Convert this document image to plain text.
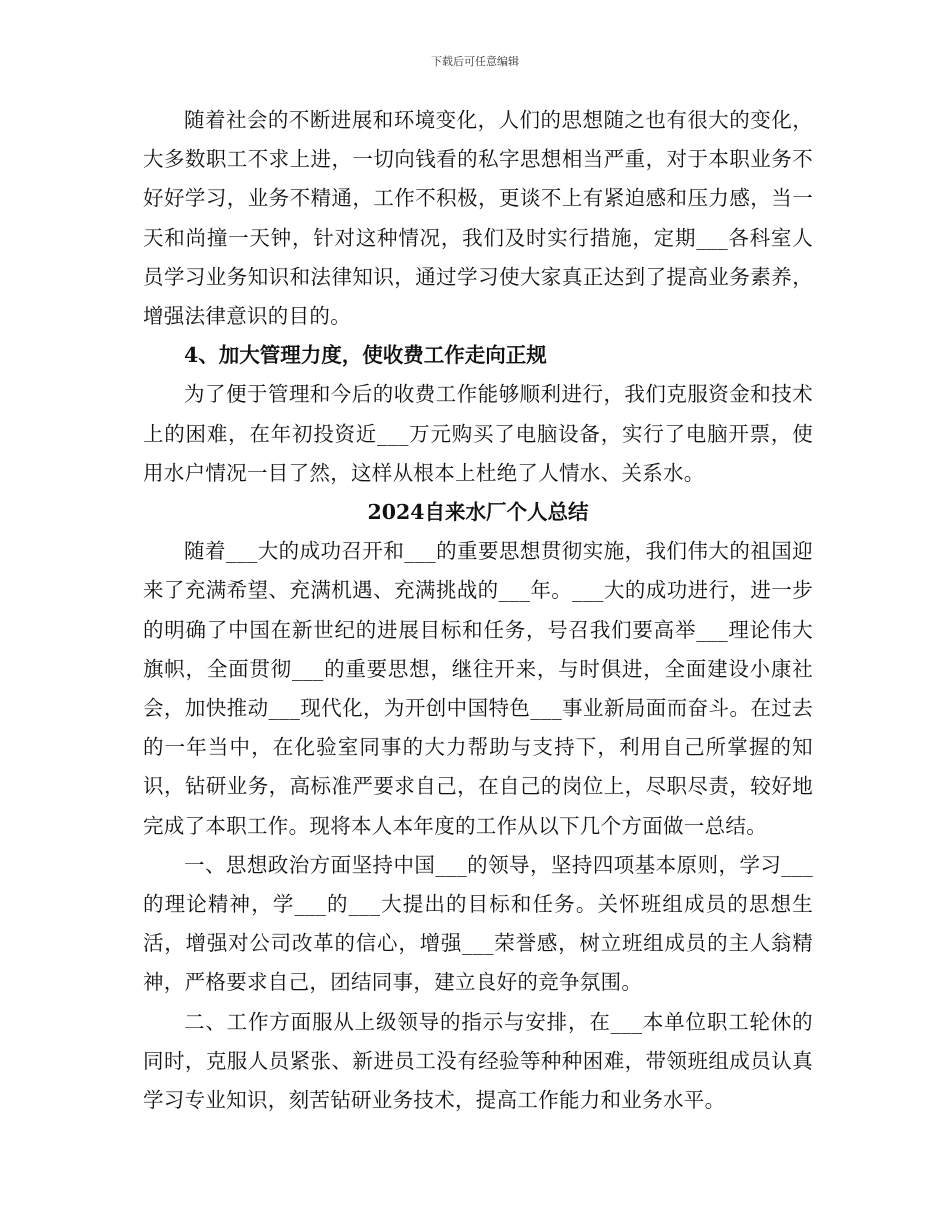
下载后可任意编辑

随着社会的不断进展和环境变化，人们的思想随之也有很大的变化，大多数职工不求上进，一切向钱看的私字思想相当严重，对于本职业务不好好学习，业务不精通，工作不积极，更谈不上有紧迫感和压力感，当一天和尚撞一天钟，针对这种情况，我们及时实行措施，定期___各科室人员学习业务知识和法律知识，通过学习使大家真正达到了提高业务素养，增强法律意识的目的。

4、加大管理力度，使收费工作走向正规

为了便于管理和今后的收费工作能够顺利进行，我们克服资金和技术上的困难，在年初投资近___万元购买了电脑设备，实行了电脑开票，使用水户情况一目了然，这样从根本上杜绝了人情水、关系水。

2024自来水厂个人总结

随着___大的成功召开和___的重要思想贯彻实施，我们伟大的祖国迎来了充满希望、充满机遇、充满挑战的___年。___大的成功进行，进一步的明确了中国在新世纪的进展目标和任务，号召我们要高举___理论伟大旗帜，全面贯彻___的重要思想，继往开来，与时俱进，全面建设小康社会，加快推动___现代化，为开创中国特色___事业新局面而奋斗。在过去的一年当中，在化验室同事的大力帮助与支持下，利用自己所掌握的知识，钻研业务，高标准严要求自己，在自己的岗位上，尽职尽责，较好地完成了本职工作。现将本人本年度的工作从以下几个方面做一总结。

一、思想政治方面坚持中国___的领导，坚持四项基本原则，学习___的理论精神，学___的___大提出的目标和任务。关怀班组成员的思想生活，增强对公司改革的信心，增强___荣誉感，树立班组成员的主人翁精神，严格要求自己，团结同事，建立良好的竞争氛围。

二、工作方面服从上级领导的指示与安排，在___本单位职工轮休的同时，克服人员紧张、新进员工没有经验等种种困难，带领班组成员认真学习专业知识，刻苦钻研业务技术，提高工作能力和业务水平。
